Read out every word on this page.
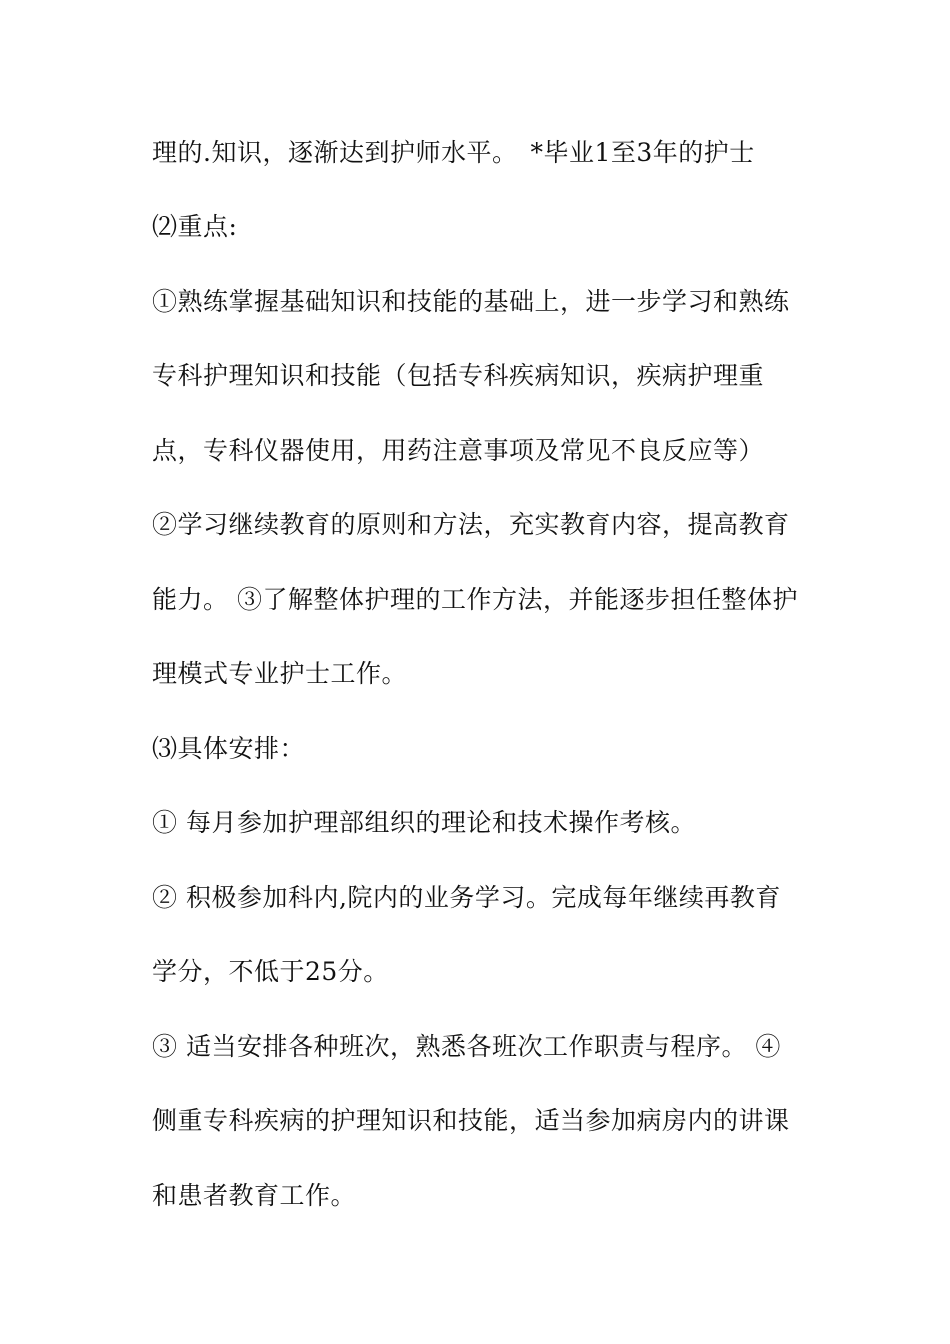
理的.知识，逐渐达到护师水平。　*毕业1至3年的护士
⑵重点:
①熟练掌握基础知识和技能的基础上，进一步学习和熟练
专科护理知识和技能（包括专科疾病知识，疾病护理重
点，专科仪器使用，用药注意事项及常见不良反应等）
②学习继续教育的原则和方法，充实教育内容，提高教育
能力。 ③了解整体护理的工作方法，并能逐步担任整体护
理模式专业护士工作。
⑶具体安排：
① 每月参加护理部组织的理论和技术操作考核。
② 积极参加科内,院内的业务学习。完成每年继续再教育
学分，不低于25分。
③ 适当安排各种班次，熟悉各班次工作职责与程序。 ④
侧重专科疾病的护理知识和技能，适当参加病房内的讲课
和患者教育工作。
